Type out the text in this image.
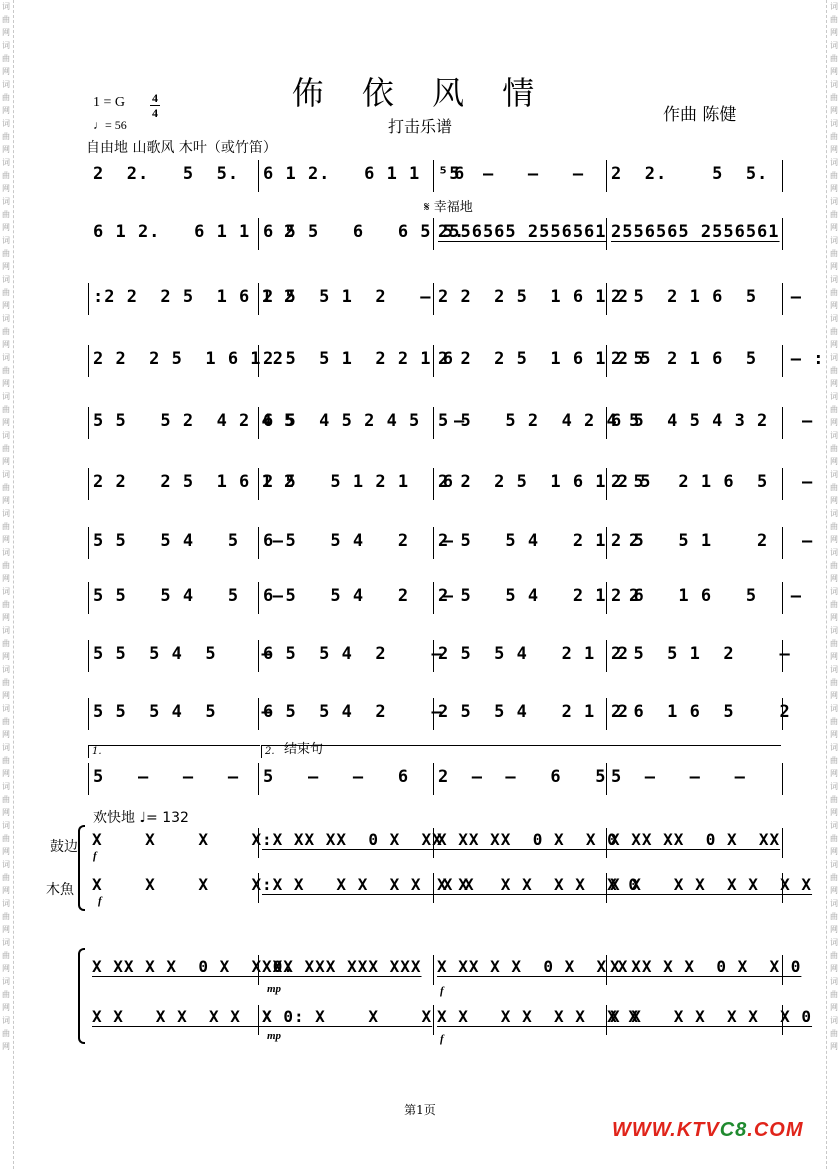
词曲网词曲网词曲网词曲网词曲网词曲网词曲网词曲网词曲网词曲网词曲网词曲网词曲网词曲网词曲网词曲网词曲网词曲网词曲网词曲网词曲网词曲网词曲网词曲网词曲网词曲网词曲网
词曲网词曲网词曲网词曲网词曲网词曲网词曲网词曲网词曲网词曲网词曲网词曲网词曲网词曲网词曲网词曲网词曲网词曲网词曲网词曲网词曲网词曲网词曲网词曲网词曲网词曲网词曲网
佈 依 风 情
打击乐谱
1 = G 4
4
♩= 56	作曲 陈健
自由地 山歌风 木叶（或竹笛）
𝄋 幸福地
2  2.   5  5. 6 1 2.   6 1 1   6
⁵5  –   –   – 2  2.    5  5.
6 1 2.   6 1 1   2
6 5 5   6   6 5 5.
2556565 2556561 2556565 2556561
:2 2  2 5  1 6 1 2
2 5  5 1  2   – 2 2  2 5  1 6 1 2
2 5  2 1 6  5   –
2 2  2 5  1 6 1 2
2 5  5 1  2 2 1 6
2 2  2 5  1 6 1 2 5
2 5  2 1 6  5   – :
5 5   5 2  4 2 4 5
6 5  4 5 2 4 5   –
5 5   5 2  4 2 4 5
6 5  4 5 4 3 2   –
2 2   2 5  1 6 1 2
2 5   5 1 2 1   6
2 2  2 5  1 6 1 2 5
2 5   2 1 6  5   –
5 5   5 4   5   –
6 5   5 4   2   –
2 5   5 4   2 1  2
2 5   5 1    2   –
5 5   5 4   5   –
6 5   5 4   2   –
2 5   5 4   2 1  2
2 6   1 6   5   –
5 5  5 4  5    –
6 5  5 4  2    –
2 5  5 4   2 1  2
2 5  5 1  2    –
5 5  5 4  5    –
6 5  5 4  2    –
2 5  5 4   2 1  2
2 6  1 6  5    2
5   –   –   – 5   –   –   6 2  –  –   6   5 5  –   –   –
1.	2. 结束句
欢快地 ♩= 132
鼓边
木魚
f
f
mp
mp
f
f
X    X    X    X :X XX XX  0 X  XX
X XX XX  0 X  X 0
X XX XX  0 X  XX
X    X    X    X :X X   X X  X X  X X
X X   X X  X X  X 0
X X   X X  X X  X X
X XX X X  0 X  X 0:
XXX XXX XXX XXX X XX X X  0 X  X X
X XX X X  0 X  X 0
X X   X X  X X  X 0:
X    X    X    X X X   X X  X X  X X
X X   X X  X X  X 0
第1页
WWW.KTVC8.COM
